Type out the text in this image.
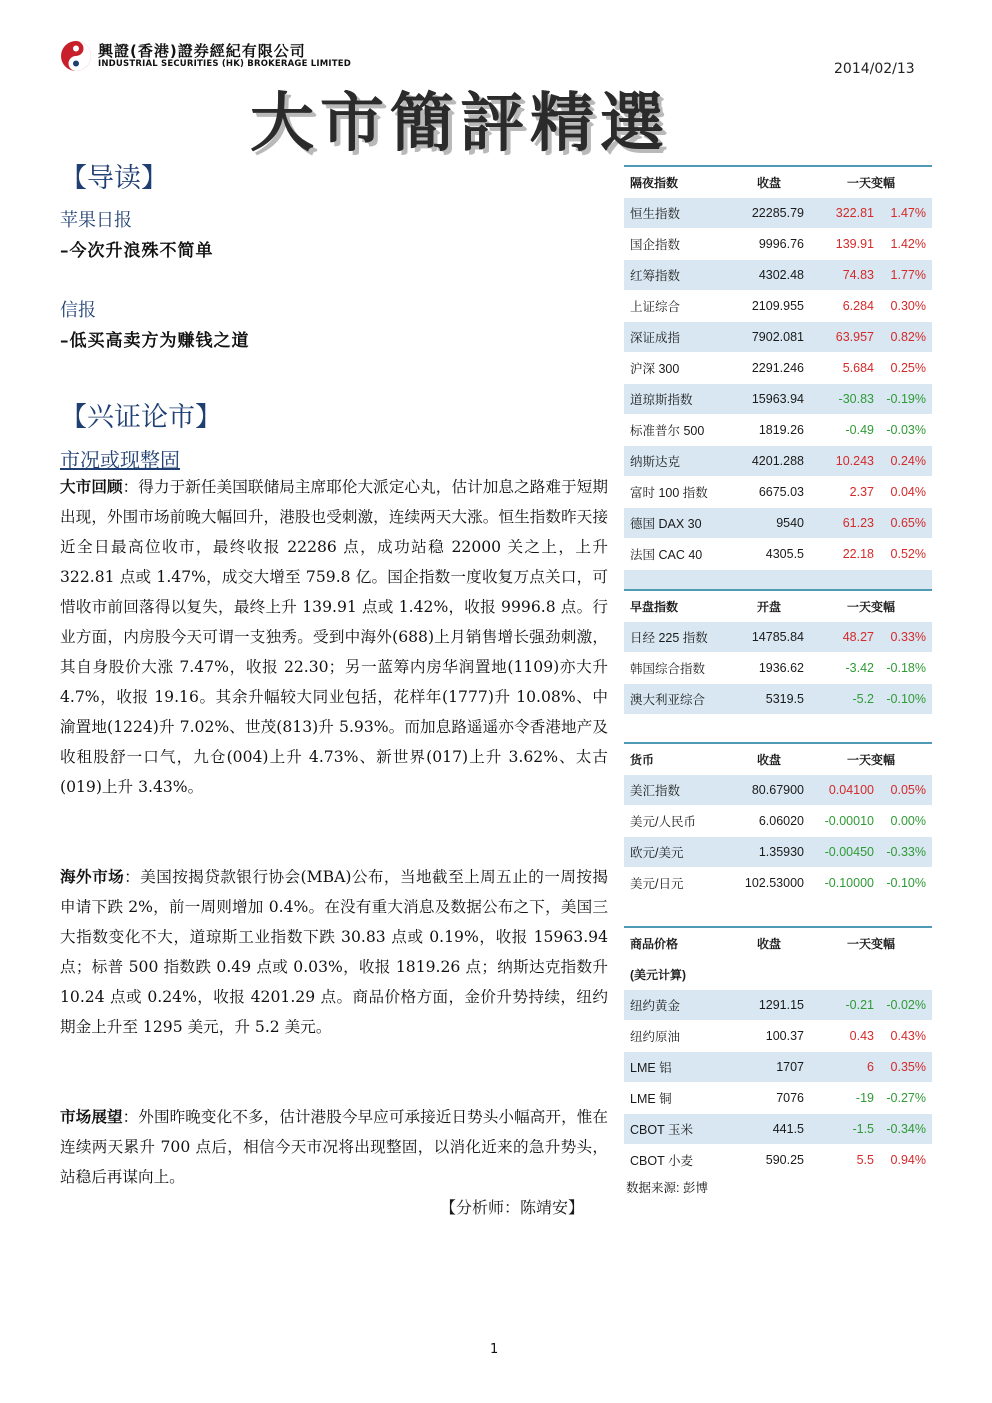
興證(香港)證券經紀有限公司
INDUSTRIAL SECURITIES (HK) BROKERAGE LIMITED	2014/02/13
大市簡評精選
【导读】
苹果日报
–今次升浪殊不简单
信报
–低买高卖方为赚钱之道
【兴证论市】
市况或现整固
大市回顾：得力于新任美国联储局主席耶伦大派定心丸，估计加息之路难于短期出现，外围市场前晚大幅回升，港股也受刺激，连续两天大涨。恒生指数昨天接近全日最高位收市，最终收报 22286 点，成功站稳 22000 关之上，上升 322.81 点或 1.47%，成交大增至 759.8 亿。国企指数一度收复万点关口，可惜收市前回落得以复失，最终上升 139.91 点或 1.42%，收报 9996.8 点。行业方面，内房股今天可谓一支独秀。受到中海外(688)上月销售增长强劲刺激，其自身股价大涨 7.47%，收报 22.30；另一蓝筹内房华润置地(1109)亦大升 4.7%，收报 19.16。其余升幅较大同业包括，花样年(1777)升 10.08%、中渝置地(1224)升 7.02%、世茂(813)升 5.93%。而加息路遥遥亦令香港地产及收租股舒一口气，九仓(004)上升 4.73%、新世界(017)上升 3.62%、太古(019)上升 3.43%。
海外市场：美国按揭贷款银行协会(MBA)公布，当地截至上周五止的一周按揭申请下跌 2%，前一周则增加 0.4%。在没有重大消息及数据公布之下，美国三大指数变化不大，道琼斯工业指数下跌 30.83 点或 0.19%，收报 15963.94 点；标普 500 指数跌 0.49 点或 0.03%，收报 1819.26 点；纳斯达克指数升 10.24 点或 0.24%，收报 4201.29 点。商品价格方面，金价升势持续，纽约期金上升至 1295 美元，升 5.2 美元。
市场展望：外围昨晚变化不多，估计港股今早应可承接近日势头小幅高开，惟在连续两天累升 700 点后，相信今天市况将出现整固，以消化近来的急升势头，站稳后再谋向上。
【分析师：陈靖安】
隔夜指数	收盘	一天变幅	
恒生指数	22285.79	322.81	1.47%
国企指数	9996.76	139.91	1.42%
红筹指数	4302.48	74.83	1.77%
上证综合	2109.955	6.284	0.30%
深证成指	7902.081	63.957	0.82%
沪深 300	2291.246	5.684	0.25%
道琼斯指数	15963.94	-30.83	-0.19%
标准普尔 500	1819.26	-0.49	-0.03%
纳斯达克	4201.288	10.243	0.24%
富时 100 指数	6675.03	2.37	0.04%
德国 DAX 30	9540	61.23	0.65%
法国 CAC 40	4305.5	22.18	0.52%

早盘指数	开盘	一天变幅	
日经 225 指数	14785.84	48.27	0.33%
韩国综合指数	1936.62	-3.42	-0.18%
澳大利亚综合	5319.5	-5.2	-0.10%
货币	收盘	一天变幅	
美汇指数	80.67900	0.04100	0.05%
美元/人民币	6.06020	-0.00010	0.00%
欧元/美元	1.35930	-0.00450	-0.33%
美元/日元	102.53000	-0.10000	-0.10%
商品价格	收盘	一天变幅	
(美元计算)			
纽约黄金	1291.15	-0.21	-0.02%
纽约原油	100.37	0.43	0.43%
LME 铝	1707	6	0.35%
LME 铜	7076	-19	-0.27%
CBOT 玉米	441.5	-1.5	-0.34%
CBOT 小麦	590.25	5.5	0.94%
数据来源: 彭博
1
